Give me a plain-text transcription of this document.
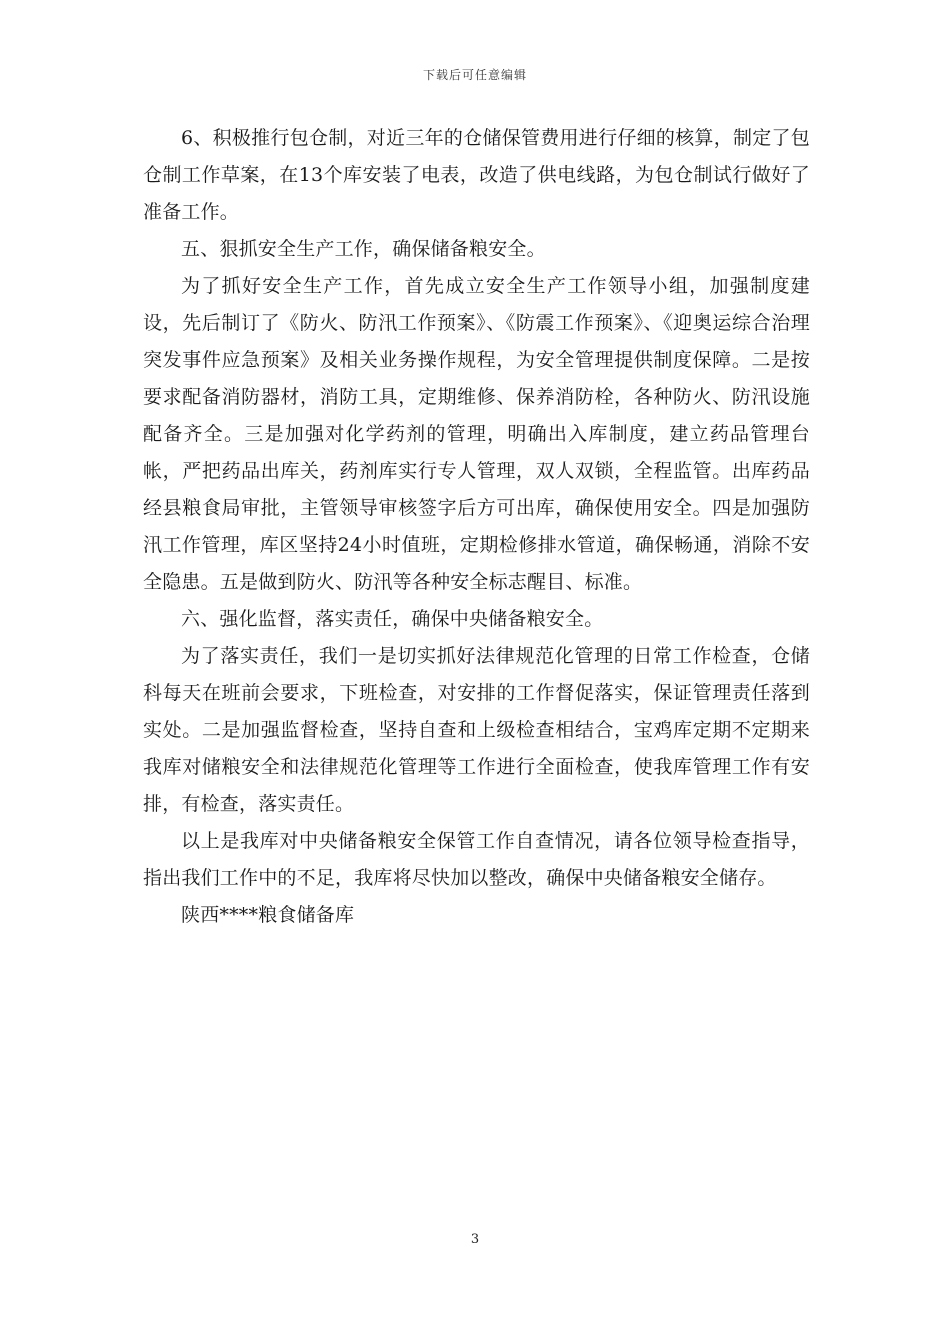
下载后可任意编辑

6、积极推行包仓制，对近三年的仓储保管费用进行仔细的核算，制定了包仓制工作草案，在13个库安装了电表，改造了供电线路，为包仓制试行做好了准备工作。

五、狠抓安全生产工作，确保储备粮安全。

为了抓好安全生产工作，首先成立安全生产工作领导小组，加强制度建设，先后制订了《防火、防汛工作预案》、《防震工作预案》、《迎奥运综合治理突发事件应急预案》及相关业务操作规程，为安全管理提供制度保障。二是按要求配备消防器材，消防工具，定期维修、保养消防栓，各种防火、防汛设施配备齐全。三是加强对化学药剂的管理，明确出入库制度，建立药品管理台帐，严把药品出库关，药剂库实行专人管理，双人双锁，全程监管。出库药品经县粮食局审批，主管领导审核签字后方可出库，确保使用安全。四是加强防汛工作管理，库区坚持24小时值班，定期检修排水管道，确保畅通，消除不安全隐患。五是做到防火、防汛等各种安全标志醒目、标准。

六、强化监督，落实责任，确保中央储备粮安全。

为了落实责任，我们一是切实抓好法律规范化管理的日常工作检查，仓储科每天在班前会要求，下班检查，对安排的工作督促落实，保证管理责任落到实处。二是加强监督检查，坚持自查和上级检查相结合，宝鸡库定期不定期来我库对储粮安全和法律规范化管理等工作进行全面检查，使我库管理工作有安排，有检查，落实责任。

以上是我库对中央储备粮安全保管工作自查情况，请各位领导检查指导，指出我们工作中的不足，我库将尽快加以整改，确保中央储备粮安全储存。

陕西****粮食储备库

3
